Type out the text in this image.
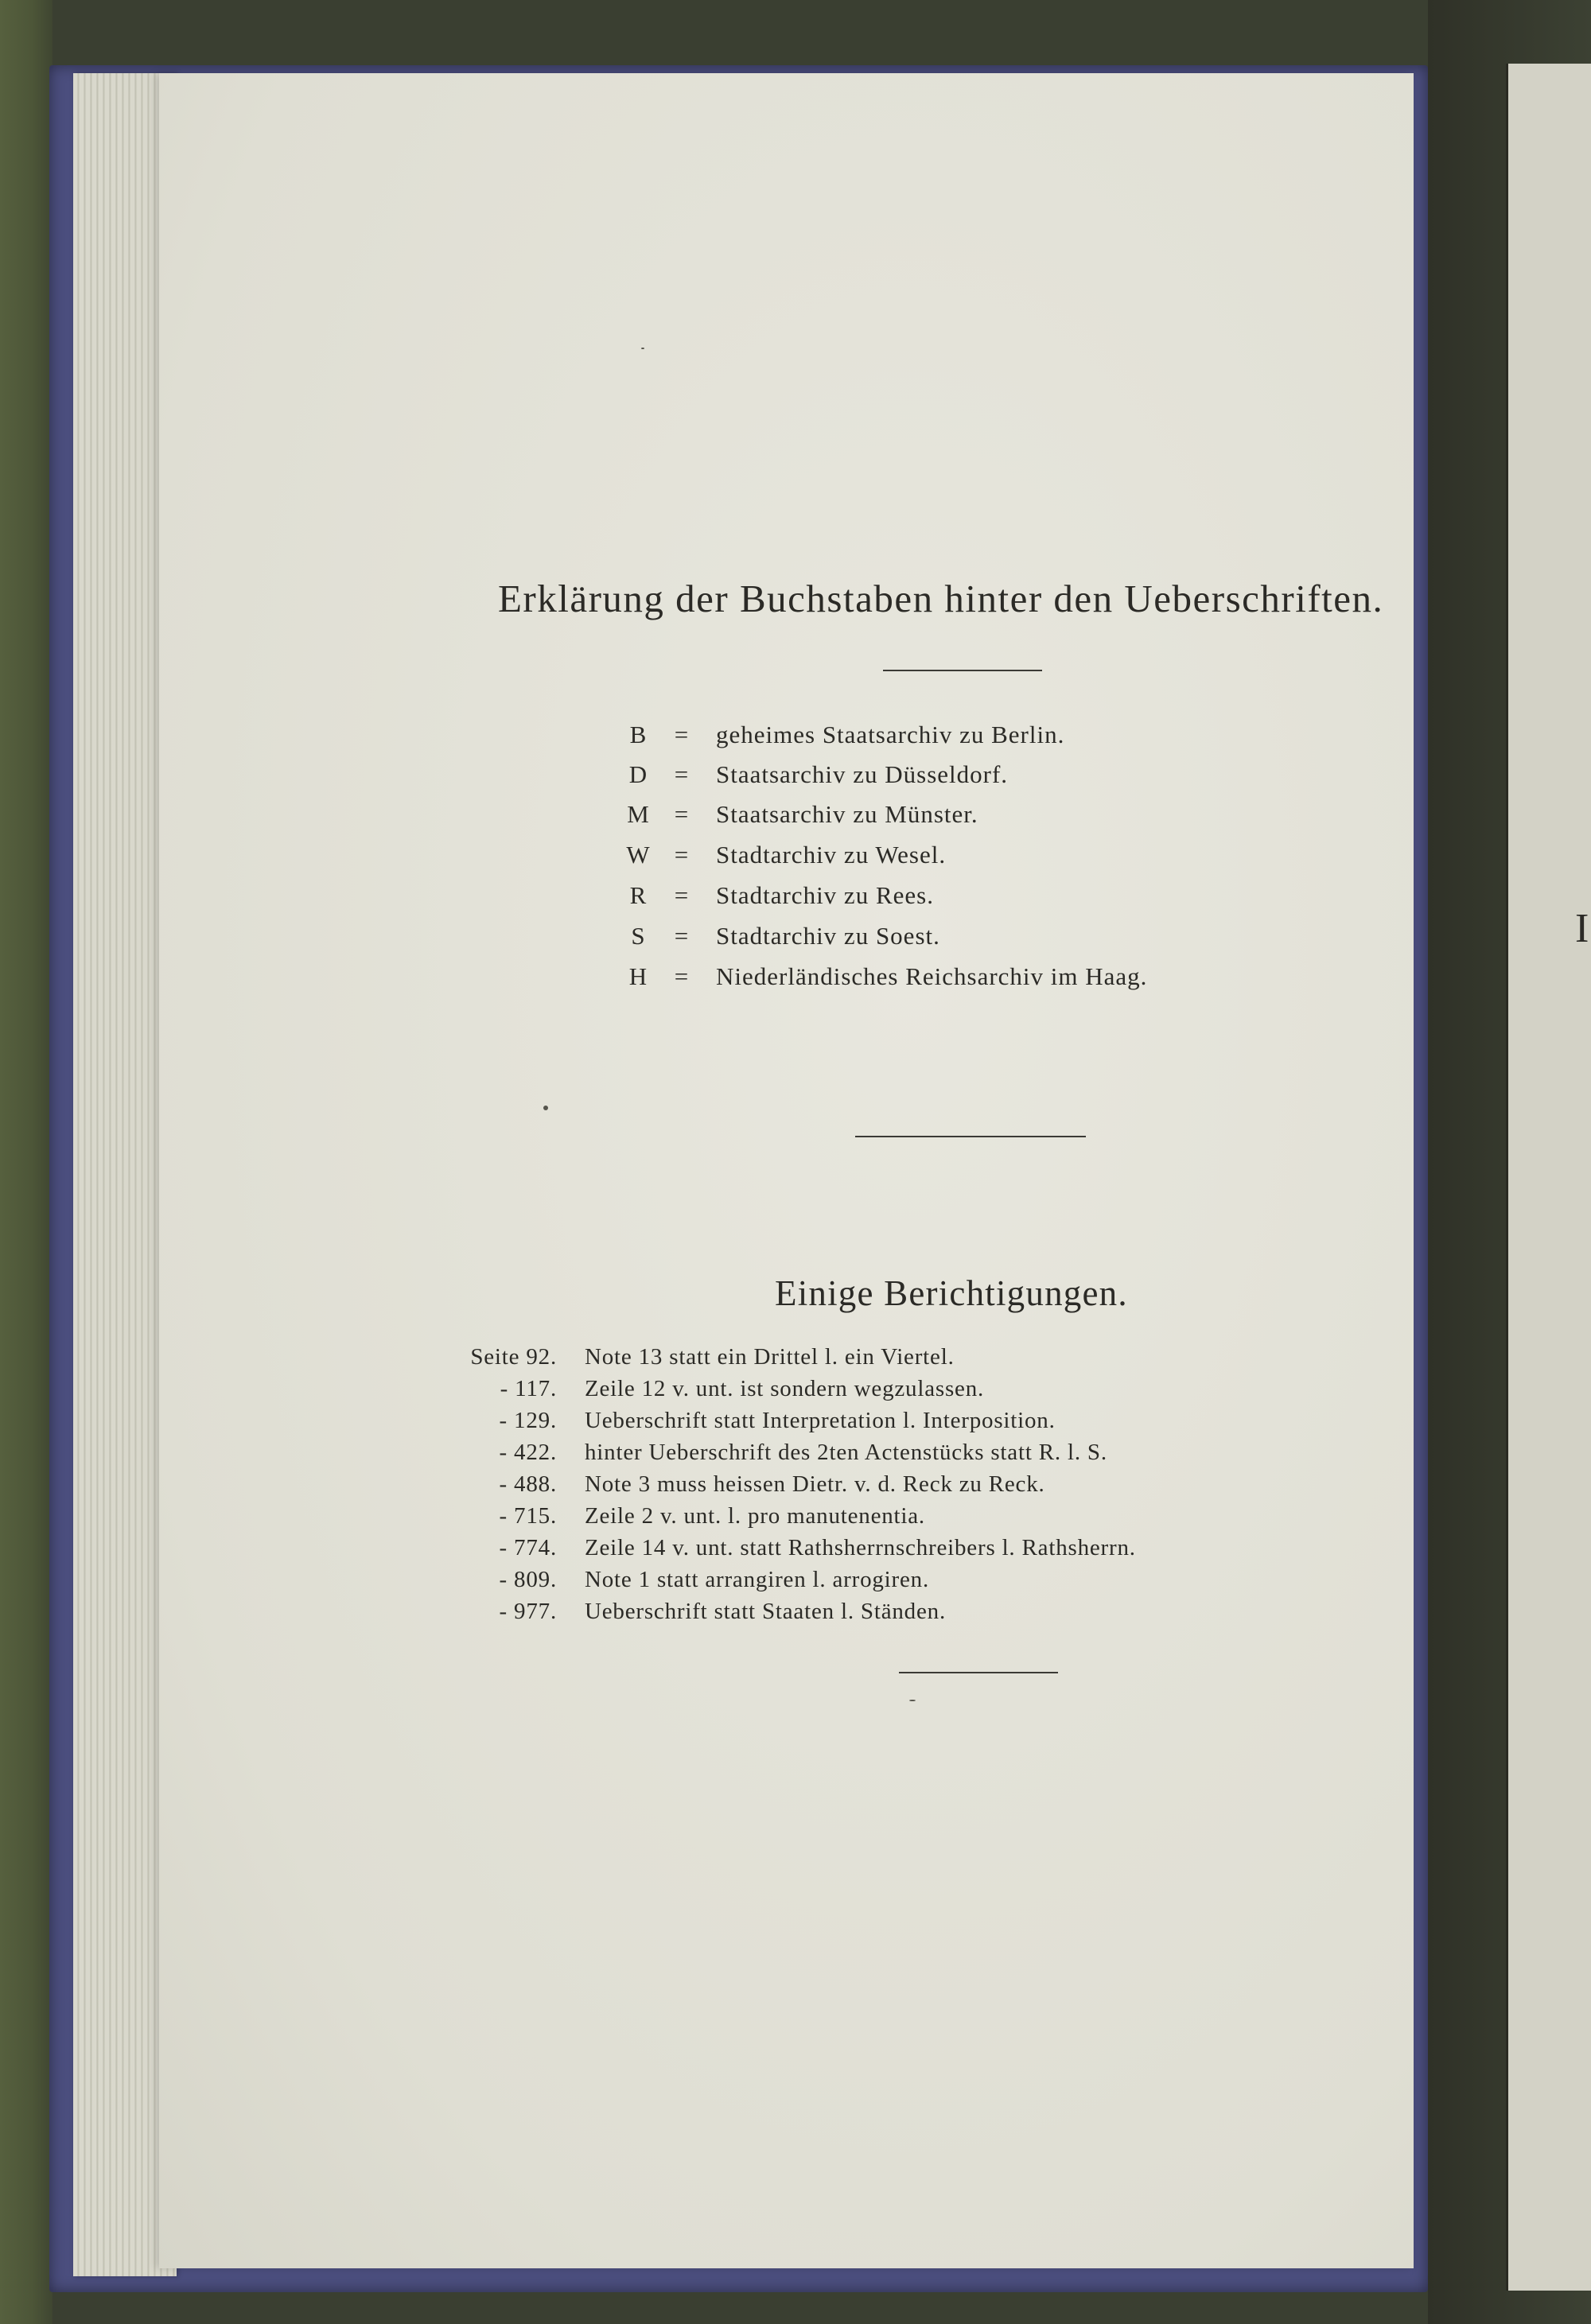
I
Erklärung der Buchstaben hinter den Ueberschriften.
B	=	geheimes Staatsarchiv zu Berlin.
D	=	Staatsarchiv zu Düsseldorf.
M =	Staatsarchiv zu Münster.
W =	Stadtarchiv zu Wesel.
R	=	Stadtarchiv zu Rees.
S	=	Stadtarchiv zu Soest.
H	=	Niederländisches Reichsarchiv im Haag.
Einige Berichtigungen.
Seite 92. Note 13 statt ein Drittel l. ein Viertel.
- 117. Zeile 12 v. unt. ist sondern wegzulassen.
- 129. Ueberschrift statt Interpretation l. Interposition.
- 422. hinter Ueberschrift des 2ten Actenstücks statt R. l. S.
- 488. Note 3 muss heissen Dietr. v. d. Reck zu Reck.
- 715. Zeile 2 v. unt. l. pro manutenentia.
- 774. Zeile 14 v. unt. statt Rathsherrnschreibers l. Rathsherrn.
- 809. Note 1 statt arrangiren l. arrogiren.
- 977. Ueberschrift statt Staaten l. Ständen.
